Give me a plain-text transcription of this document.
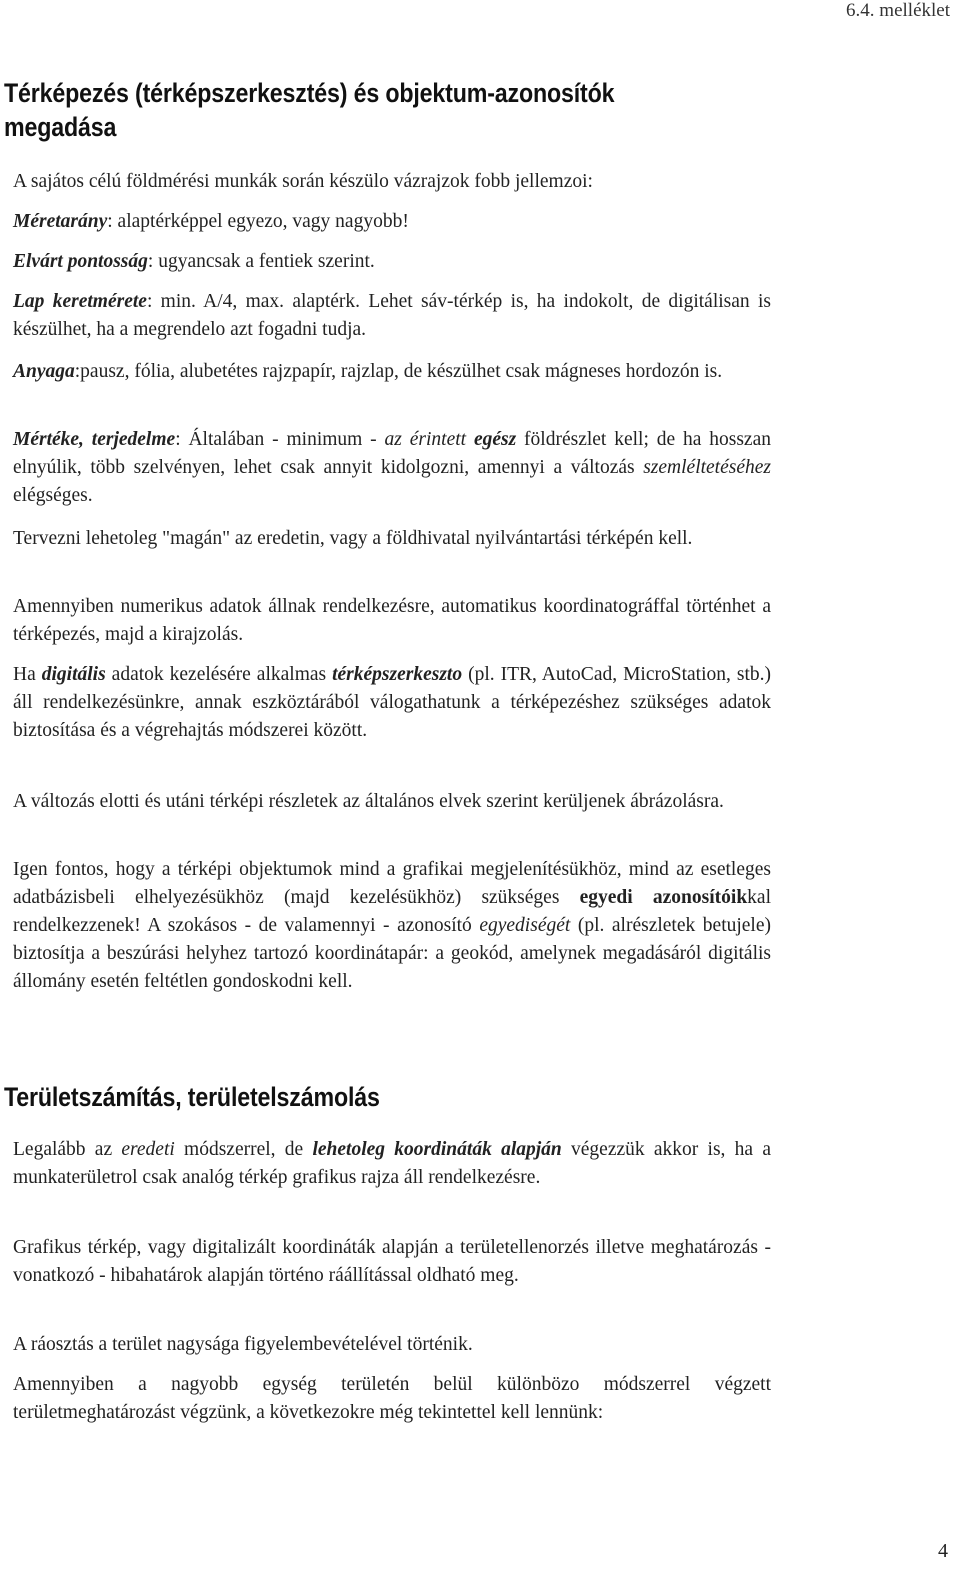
6.4. melléklet
Térképezés (térképszerkesztés) és objektum-azonosítók megadása

A sajátos célú földmérési munkák során készülo vázrajzok fobb jellemzoi:

Méretarány: alaptérképpel egyezo, vagy nagyobb!

Elvárt pontosság: ugyancsak a fentiek szerint.

Lap keretmérete: min. A/4, max. alaptérk. Lehet sáv-térkép is, ha indokolt, de digitálisan is készülhet, ha a megrendelo azt fogadni tudja.

Anyaga:pausz, fólia, alubetétes rajzpapír, rajzlap, de készülhet csak mágneses hordozón is.

Mértéke, terjedelme: Általában - minimum - az érintett egész földrészlet kell; de ha hosszan elnyúlik, több szelvényen, lehet csak annyit kidolgozni, amennyi a változás szemléltetéséhez elégséges.

Tervezni lehetoleg "magán" az eredetin, vagy a földhivatal nyilvántartási térképén kell.

Amennyiben numerikus adatok állnak rendelkezésre, automatikus koordinatográffal történhet a térképezés, majd a kirajzolás.

Ha digitális adatok kezelésére alkalmas térképszerkeszto (pl. ITR, AutoCad, MicroStation, stb.) áll rendelkezésünkre, annak eszköztárából válogathatunk a térképezéshez szükséges adatok biztosítása és a végrehajtás módszerei között.

A változás elotti és utáni térképi részletek az általános elvek szerint kerüljenek ábrázolásra.

Igen fontos, hogy a térképi objektumok mind a grafikai megjelenítésükhöz, mind az esetleges adatbázisbeli elhelyezésükhöz (majd kezelésükhöz) szükséges egyedi azonosítóikkal rendelkezzenek! A szokásos - de valamennyi - azonosító egyediségét (pl. alrészletek betujele) biztosítja a beszúrási helyhez tartozó koordinátapár: a geokód, amelynek megadásáról digitális állomány esetén feltétlen gondoskodni kell.

Területszámítás, területelszámolás

Legalább az eredeti módszerrel, de lehetoleg koordináták alapján végezzük akkor is, ha a munkaterületrol csak analóg térkép grafikus rajza áll rendelkezésre.

Grafikus térkép, vagy digitalizált koordináták alapján a területellenorzés illetve meghatározás - vonatkozó - hibahatárok alapján történo ráállítással oldható meg.

A ráosztás a terület nagysága figyelembevételével történik.

Amennyiben a nagyobb egység területén belül különbözo módszerrel végzett területmeghatározást végzünk, a következokre még tekintettel kell lennünk:

4
